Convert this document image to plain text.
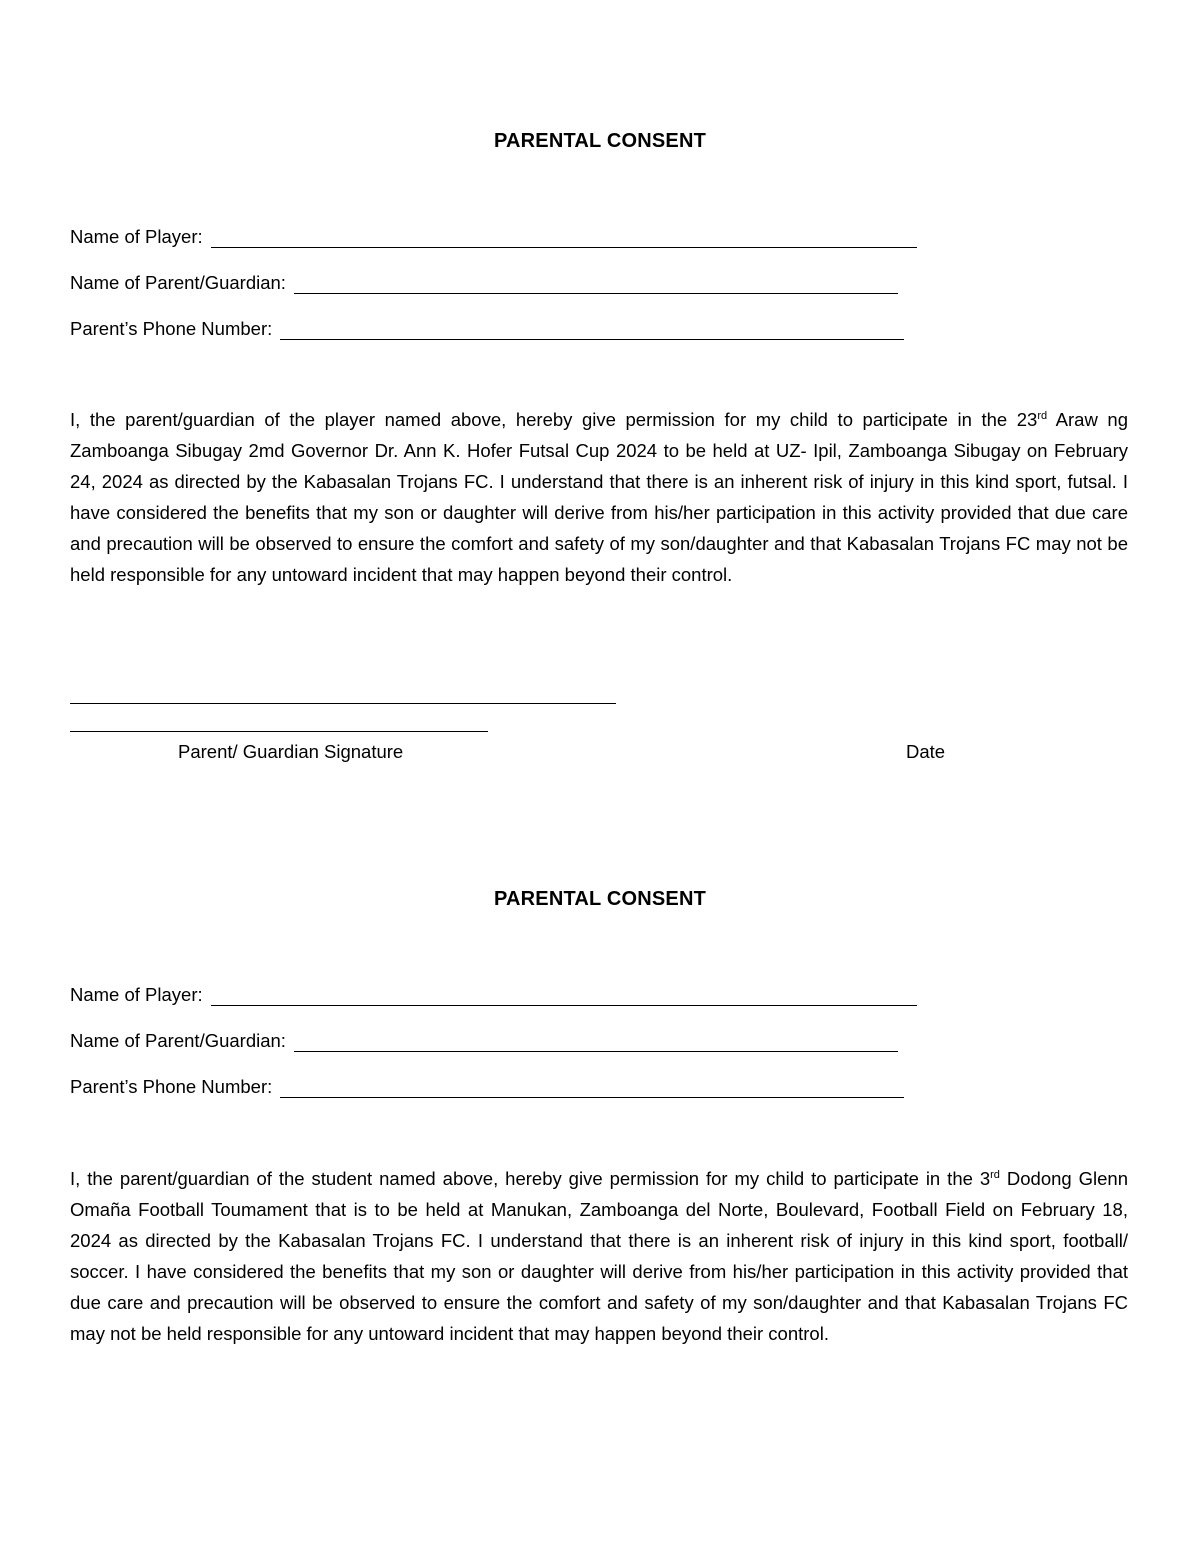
PARENTAL CONSENT
Name of Player:
Name of Parent/Guardian:
Parent’s Phone Number:
I, the parent/guardian of the player named above, hereby give permission for my child to participate in the 23rd Araw ng Zamboanga Sibugay 2md Governor Dr. Ann K. Hofer Futsal Cup 2024 to be held at UZ- Ipil, Zamboanga Sibugay on February 24, 2024 as directed by the Kabasalan Trojans FC. I understand that there is an inherent risk of injury in this kind sport, futsal. I have considered the benefits that my son or daughter will derive from his/her participation in this activity provided that due care and precaution will be observed to ensure the comfort and safety of my son/daughter and that Kabasalan Trojans FC may not be held responsible for any untoward incident that may happen beyond their control.
Parent/ Guardian Signature	Date
PARENTAL CONSENT
Name of Player:
Name of Parent/Guardian:
Parent’s Phone Number:
I, the parent/guardian of the student named above, hereby give permission for my child to participate in the 3rd Dodong Glenn Omaña Football Toumament that is to be held at Manukan, Zamboanga del Norte, Boulevard, Football Field on February 18, 2024 as directed by the Kabasalan Trojans FC. I understand that there is an inherent risk of injury in this kind sport, football/ soccer. I have considered the benefits that my son or daughter will derive from his/her participation in this activity provided that due care and precaution will be observed to ensure the comfort and safety of my son/daughter and that Kabasalan Trojans FC may not be held responsible for any untoward incident that may happen beyond their control.
